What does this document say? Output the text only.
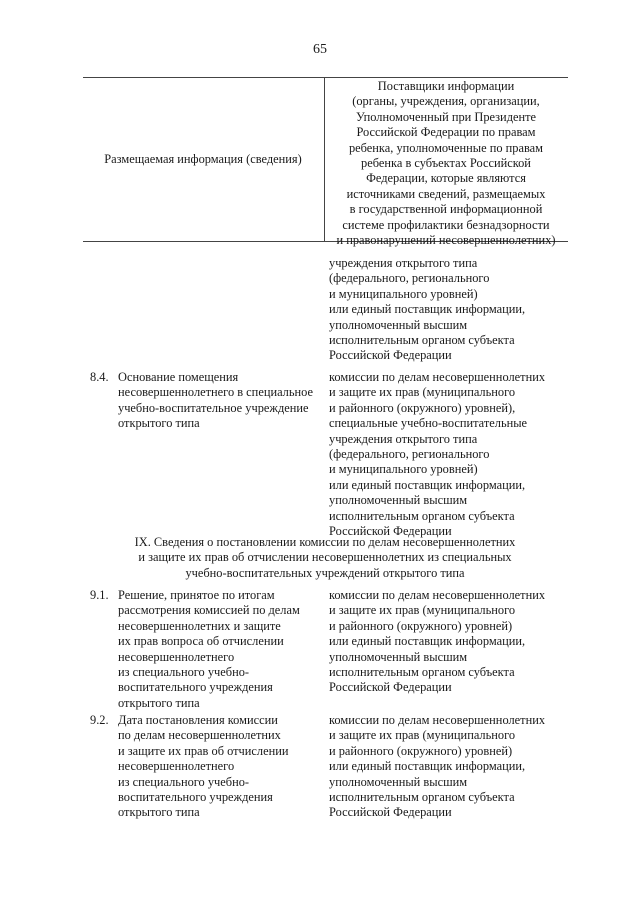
65
Размещаемая информация (сведения)
Поставщики информации
(органы, учреждения, организации,
Уполномоченный при Президенте
Российской Федерации по правам
ребенка, уполномоченные по правам
ребенка в субъектах Российской
Федерации, которые являются
источниками сведений, размещаемых
в государственной информационной
системе профилактики безнадзорности
и правонарушений несовершеннолетних)
учреждения открытого типа
(федерального, регионального
и муниципального уровней)
или единый поставщик информации,
уполномоченный высшим
исполнительным органом субъекта
Российской Федерации
8.4. Основание помещения
несовершеннолетнего в специальное
учебно-воспитательное учреждение
открытого типа
комиссии по делам несовершеннолетних
и защите их прав (муниципального
и районного (окружного) уровней),
специальные учебно-воспитательные
учреждения открытого типа
(федерального, регионального
и муниципального уровней)
или единый поставщик информации,
уполномоченный высшим
исполнительным органом субъекта
Российской Федерации
IX. Сведения о постановлении комиссии по делам несовершеннолетних
и защите их прав об отчислении несовершеннолетних из специальных
учебно-воспитательных учреждений открытого типа
9.1. Решение, принятое по итогам
рассмотрения комиссией по делам
несовершеннолетних и защите
их прав вопроса об отчислении
несовершеннолетнего
из специального учебно-
воспитательного учреждения
открытого типа
комиссии по делам несовершеннолетних
и защите их прав (муниципального
и районного (окружного) уровней)
или единый поставщик информации,
уполномоченный высшим
исполнительным органом субъекта
Российской Федерации
9.2. Дата постановления комиссии
по делам несовершеннолетних
и защите их прав об отчислении
несовершеннолетнего
из специального учебно-
воспитательного учреждения
открытого типа
комиссии по делам несовершеннолетних
и защите их прав (муниципального
и районного (окружного) уровней)
или единый поставщик информации,
уполномоченный высшим
исполнительным органом субъекта
Российской Федерации
